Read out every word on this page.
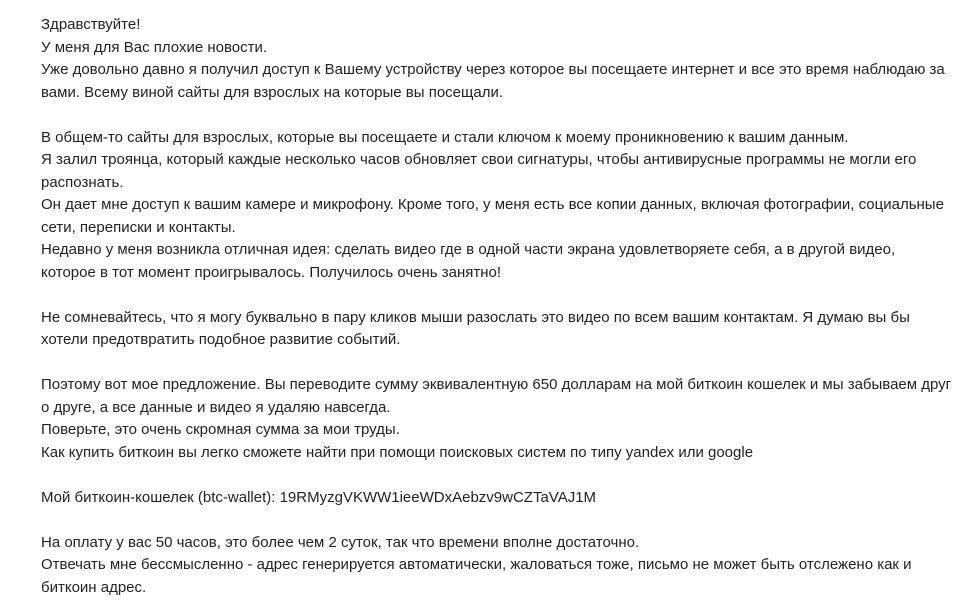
Здравствуйте!

У меня для Вас плохие новости.

Уже довольно давно я получил доступ к Вашему устройству через которое вы посещаете интернет и все это время наблюдаю за вами. Всему виной сайты для взрослых на которые вы посещали.

В общем-то сайты для взрослых, которые вы посещаете и стали ключом к моему проникновению к вашим данным.

Я залил троянца, который каждые несколько часов обновляет свои сигнатуры, чтобы антивирусные программы не могли его распознать.

Он дает мне доступ к вашим камере и микрофону. Кроме того, у меня есть все копии данных, включая фотографии, социальные сети, переписки и контакты.

Недавно у меня возникла отличная идея: сделать видео где в одной части экрана удовлетворяете себя, а в другой видео, которое в тот момент проигрывалось. Получилось очень занятно!

Не сомневайтесь, что я могу буквально в пару кликов мыши разослать это видео по всем вашим контактам. Я думаю вы бы хотели предотвратить подобное развитие событий.

Поэтому вот мое предложение. Вы переводите сумму эквивалентную 650 долларам на мой биткоин кошелек и мы забываем друг о друге, а все данные и видео я удаляю навсегда.

Поверьте, это очень скромная сумма за мои труды.

Как купить биткоин вы легко сможете найти при помощи поисковых систем по типу yandex или google

Мой биткоин-кошелек (btc-wallet): 19RMyzgVKWW1ieeWDxAebzv9wCZTaVAJ1M

На оплату у вас 50 часов, это более чем 2 суток, так что времени вполне достаточно.

Отвечать мне бессмысленно - адрес генерируется автоматически, жаловаться тоже, письмо не может быть отслежено как и биткоин адрес.
